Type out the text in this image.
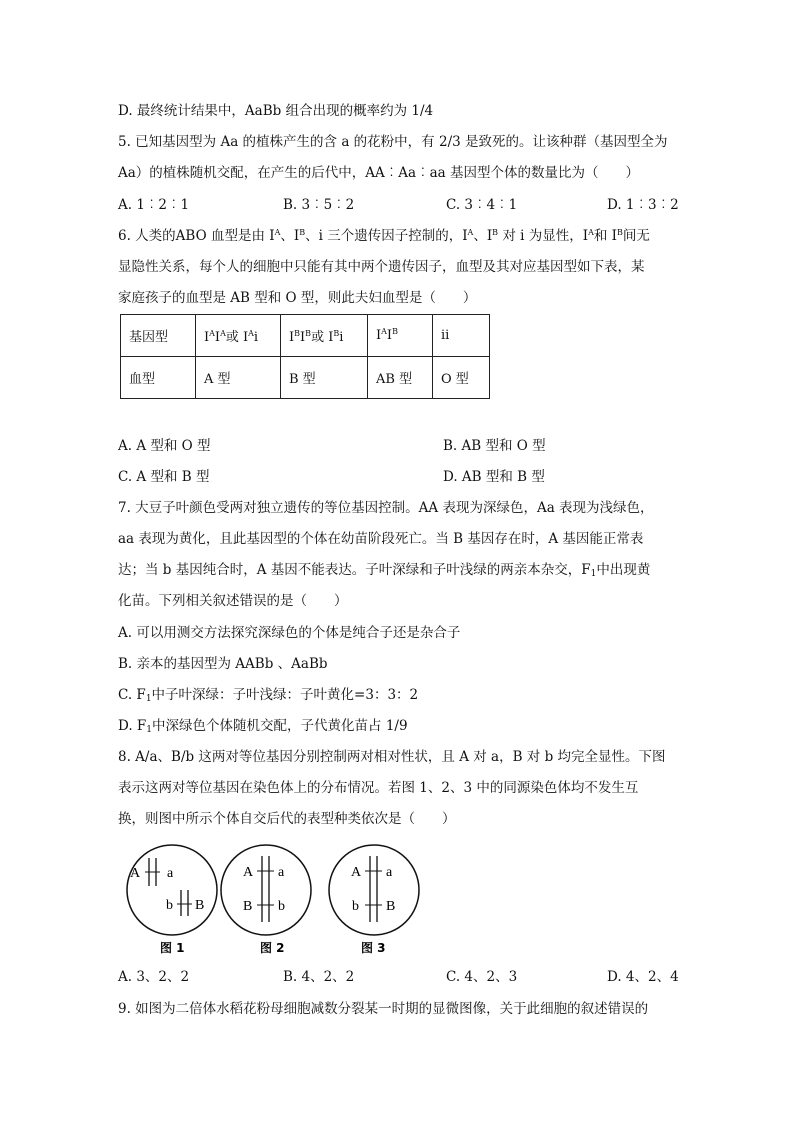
D. 最终统计结果中，AaBb 组合出现的概率约为 1/4
5. 已知基因型为 Aa 的植株产生的含 a 的花粉中，有 2/3 是致死的。让该种群（基因型全为
Aa）的植株随机交配，在产生的后代中，AA︰Aa︰aa 基因型个体的数量比为（　　）
A. 1︰2︰1	B. 3︰5︰2	C. 3︰4︰1	D. 1︰3︰2
6. 人类的ABO 血型是由 $I^A$、$I^B$、i 三个遗传因子控制的，$I^A$、$I^B$ 对 i 为显性，$I^A$和 $I^B$间无
显隐性关系，每个人的细胞中只能有其中两个遗传因子，血型及其对应基因型如下表，某
家庭孩子的血型是 AB 型和 O 型，则此夫妇血型是（　　）
基因型	$I^AI^A$或 $I^Ai$	$I^BI^B$或 $I^Bi$	$I^AI^B$	ii
血型	A 型	B 型	AB 型	O 型
A. A 型和 O 型	B. AB 型和 O 型
C. A 型和 B 型	D. AB 型和 B 型
7. 大豆子叶颜色受两对独立遗传的等位基因控制。AA 表现为深绿色，Aa 表现为浅绿色，
aa 表现为黄化，且此基因型的个体在幼苗阶段死亡。当 B 基因存在时，A 基因能正常表
达；当 b 基因纯合时，A 基因不能表达。子叶深绿和子叶浅绿的两亲本杂交，$F_1$中出现黄
化苗。下列相关叙述错误的是（　　）
A. 可以用测交方法探究深绿色的个体是纯合子还是杂合子
B. 亲本的基因型为 AABb 、AaBb
C. $F_1$中子叶深绿：子叶浅绿：子叶黄化=3：3：2
D. $F_1$中深绿色个体随机交配，子代黄化苗占 1/9
8. A/a、B/b 这两对等位基因分别控制两对相对性状，且 A 对 a，B 对 b 均完全显性。下图
表示这两对等位基因在染色体上的分布情况。若图 1、2、3 中的同源染色体均不发生互
换，则图中所示个体自交后代的表型种类依次是（　　）
A a
b B
图 1
A a
B b
图 2
A a
b B
图 3
A. 3、2、2	B. 4、2、2	C. 4、2、3	D. 4、2、4
9. 如图为二倍体水稻花粉母细胞减数分裂某一时期的显微图像，关于此细胞的叙述错误的
